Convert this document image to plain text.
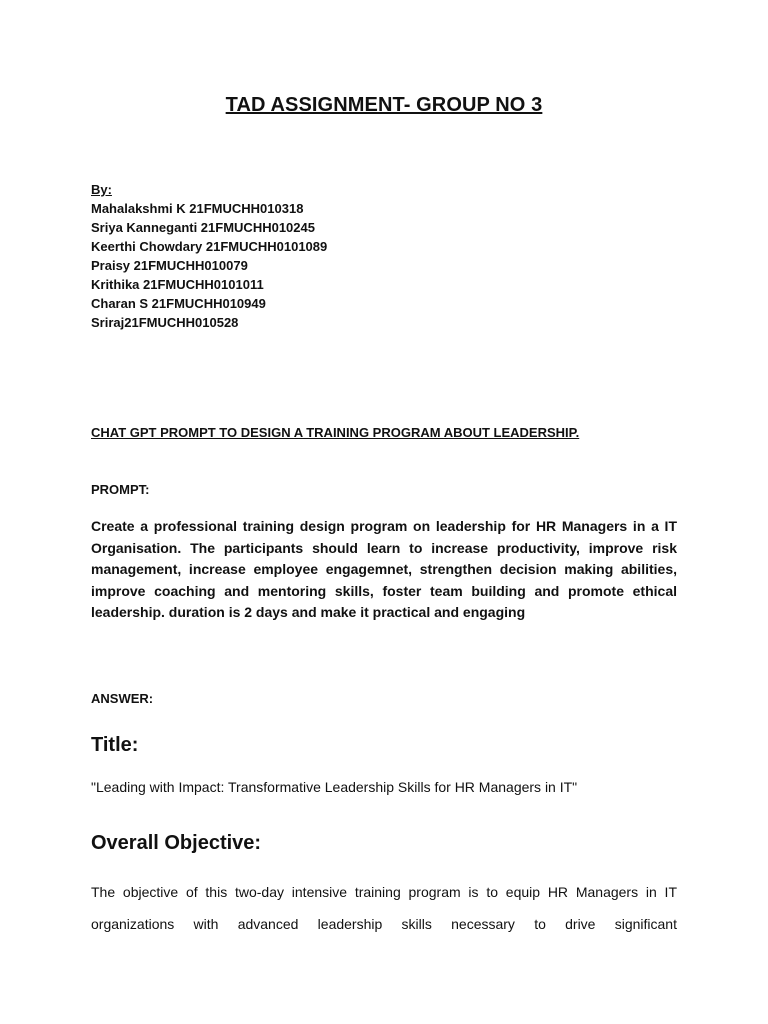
TAD ASSIGNMENT- GROUP NO 3
By:
Mahalakshmi K 21FMUCHH010318
Sriya Kanneganti 21FMUCHH010245
Keerthi Chowdary 21FMUCHH0101089
Praisy 21FMUCHH010079
Krithika 21FMUCHH0101011
Charan S 21FMUCHH010949
Sriraj21FMUCHH010528
CHAT GPT PROMPT TO DESIGN A TRAINING PROGRAM ABOUT LEADERSHIP.
PROMPT:
Create a professional training design program on leadership for HR Managers in a IT Organisation. The participants should learn to increase productivity, improve risk management, increase employee engagemnet, strengthen decision making abilities, improve coaching and mentoring skills, foster team building and promote ethical leadership. duration is 2 days and make it practical and engaging
ANSWER:
Title:
"Leading with Impact: Transformative Leadership Skills for HR Managers in IT"
Overall Objective:
The objective of this two-day intensive training program is to equip HR Managers in IT organizations with advanced leadership skills necessary to drive significant
